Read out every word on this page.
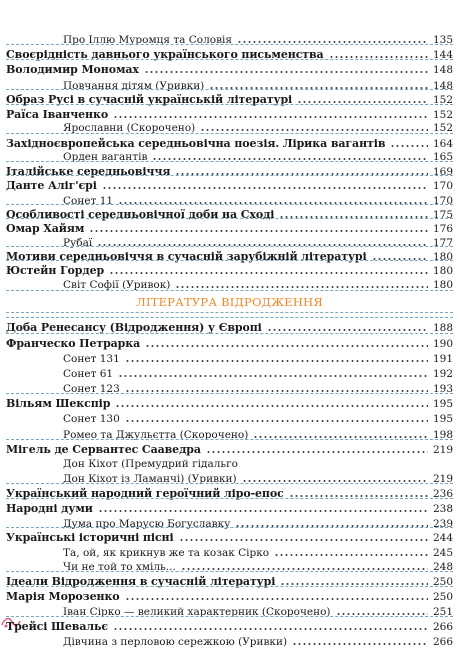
ЛІТЕРАТУРА ВІДРОДЖЕННЯ
Про Іллю Муромця та Соловія	135
Своєрідність давнього українського письменства	144
Володимир Мономах	148
Повчання дітям (Уривки)	148
Образ Русі в сучасній українській літературі	152
Раїса Іванченко	152
Ярославни (Скорочено)	152
Західноєвропейська середньовічна поезія. Лірика вагантів	164
Орден вагантів	165
Італійське середньовіччя	169
Данте Аліг'єрі	170
Сонет 11	170
Особливості середньовічної доби на Сході	175
Омар Хайям	176
Рубаї	177
Мотиви середньовіччя в сучасній зарубіжній літературі	180
Юстейн Гордер	180
Світ Софії (Уривок)	180
Доба Ренесансу (Відродження) у Європі	188
Франческо Петрарка	190
Сонет 131	191
Сонет 61	192
Сонет 123	193
Вільям Шекспір	195
Сонет 130	195
Ромео та Джульєтта (Скорочено)	198
Мігель де Сервантес Сааведра	219
Дон Кіхот (Премудрий гідальго
Дон Кіхот із Ламанчі) (Уривки)	219
Український народний героїчний ліро-епос	236
Народні думи	238
Дума про Марусю Богуславку	239
Українські історичні пісні	244
Та, ой, як крикнув же та козак Сірко	245
Чи не той то хміль...	248
Ідеали Відродження в сучасній літературі	250
Марія Морозенко	250
Іван Сірко — великий характерник (Скорочено)	251
Трейсі Шевальє	266
Дівчина з перловою сережкою (Уривки)	266
